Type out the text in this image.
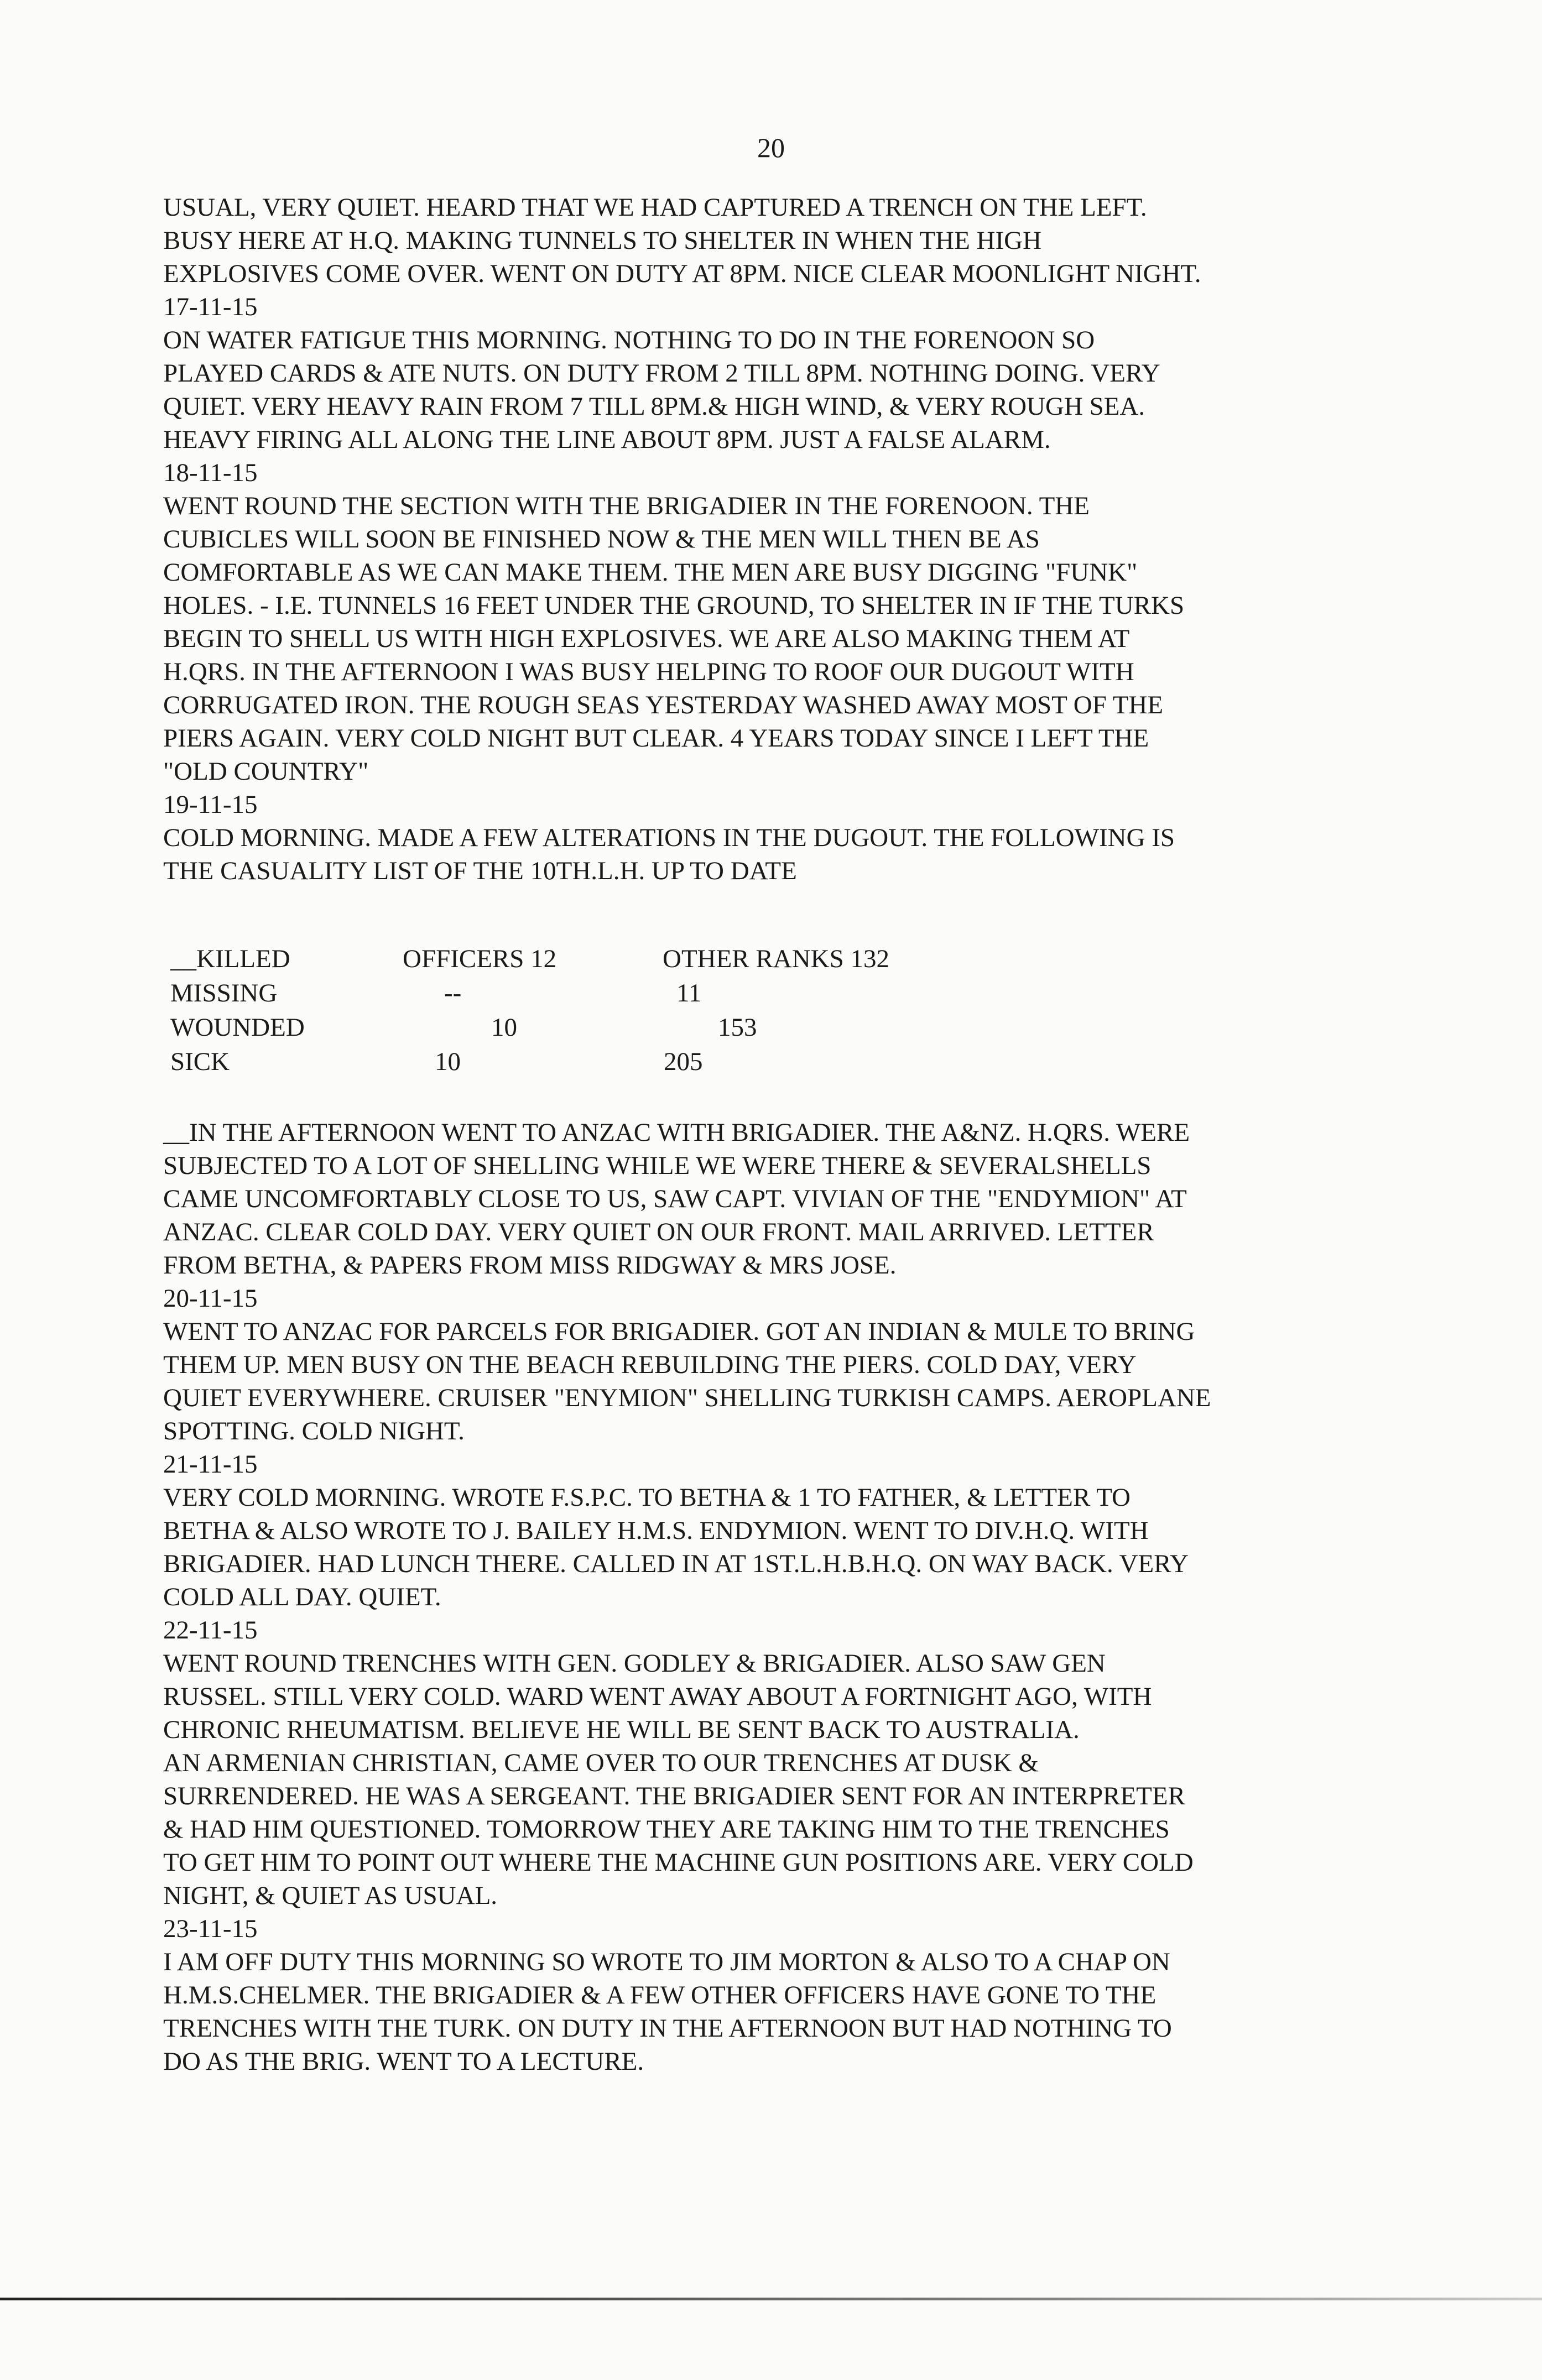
20
USUAL, VERY QUIET. HEARD THAT WE HAD CAPTURED A TRENCH ON THE LEFT.
BUSY HERE AT H.Q. MAKING TUNNELS TO SHELTER IN WHEN THE HIGH
EXPLOSIVES COME OVER. WENT ON DUTY AT 8PM. NICE CLEAR MOONLIGHT NIGHT.
17-11-15
ON WATER FATIGUE THIS MORNING. NOTHING TO DO IN THE FORENOON SO
PLAYED CARDS & ATE NUTS. ON DUTY FROM 2 TILL 8PM. NOTHING DOING. VERY
QUIET. VERY HEAVY RAIN FROM 7 TILL 8PM.& HIGH WIND, & VERY ROUGH SEA.
HEAVY FIRING ALL ALONG THE LINE ABOUT 8PM. JUST A FALSE ALARM.
18-11-15
WENT ROUND THE SECTION WITH THE BRIGADIER IN THE FORENOON. THE
CUBICLES WILL SOON BE FINISHED NOW & THE MEN WILL THEN BE AS
COMFORTABLE AS WE CAN MAKE THEM. THE MEN ARE BUSY DIGGING "FUNK"
HOLES. - I.E. TUNNELS 16 FEET UNDER THE GROUND, TO SHELTER IN IF THE TURKS
BEGIN TO SHELL US WITH HIGH EXPLOSIVES. WE ARE ALSO MAKING THEM AT
H.QRS. IN THE AFTERNOON I WAS BUSY HELPING TO ROOF OUR DUGOUT WITH
CORRUGATED IRON. THE ROUGH SEAS YESTERDAY WASHED AWAY MOST OF THE
PIERS AGAIN. VERY COLD NIGHT BUT CLEAR. 4 YEARS TODAY SINCE I LEFT THE
"OLD COUNTRY"
19-11-15
COLD MORNING. MADE A FEW ALTERATIONS IN THE DUGOUT. THE FOLLOWING IS
THE CASUALITY LIST OF THE 10TH.L.H. UP TO DATE
__KILLED	OFFICERS 12	OTHER RANKS 132
MISSING	--	11
WOUNDED	10	153
SICK	10	205
__IN THE AFTERNOON WENT TO ANZAC WITH BRIGADIER. THE A&NZ. H.QRS. WERE
SUBJECTED TO A LOT OF SHELLING WHILE WE WERE THERE & SEVERALSHELLS
CAME UNCOMFORTABLY CLOSE TO US, SAW CAPT. VIVIAN OF THE "ENDYMION" AT
ANZAC. CLEAR COLD DAY. VERY QUIET ON OUR FRONT. MAIL ARRIVED. LETTER
FROM BETHA, & PAPERS FROM MISS RIDGWAY & MRS JOSE.
20-11-15
WENT TO ANZAC FOR PARCELS FOR BRIGADIER. GOT AN INDIAN & MULE TO BRING
THEM UP. MEN BUSY ON THE BEACH REBUILDING THE PIERS. COLD DAY, VERY
QUIET EVERYWHERE. CRUISER "ENYMION" SHELLING TURKISH CAMPS. AEROPLANE
SPOTTING. COLD NIGHT.
21-11-15
VERY COLD MORNING. WROTE F.S.P.C. TO BETHA & 1 TO FATHER, & LETTER TO
BETHA & ALSO WROTE TO J. BAILEY H.M.S. ENDYMION. WENT TO DIV.H.Q. WITH
BRIGADIER. HAD LUNCH THERE. CALLED IN AT 1ST.L.H.B.H.Q. ON WAY BACK. VERY
COLD ALL DAY. QUIET.
22-11-15
WENT ROUND TRENCHES WITH GEN. GODLEY & BRIGADIER. ALSO SAW GEN
RUSSEL. STILL VERY COLD. WARD WENT AWAY ABOUT A FORTNIGHT AGO, WITH
CHRONIC RHEUMATISM. BELIEVE HE WILL BE SENT BACK TO AUSTRALIA.
AN ARMENIAN CHRISTIAN, CAME OVER TO OUR TRENCHES AT DUSK &
SURRENDERED. HE WAS A SERGEANT. THE BRIGADIER SENT FOR AN INTERPRETER
& HAD HIM QUESTIONED. TOMORROW THEY ARE TAKING HIM TO THE TRENCHES
TO GET HIM TO POINT OUT WHERE THE MACHINE GUN POSITIONS ARE. VERY COLD
NIGHT, & QUIET AS USUAL.
23-11-15
I AM OFF DUTY THIS MORNING SO WROTE TO JIM MORTON & ALSO TO A CHAP ON
H.M.S.CHELMER. THE BRIGADIER & A FEW OTHER OFFICERS HAVE GONE TO THE
TRENCHES WITH THE TURK. ON DUTY IN THE AFTERNOON BUT HAD NOTHING TO
DO AS THE BRIG. WENT TO A LECTURE.
